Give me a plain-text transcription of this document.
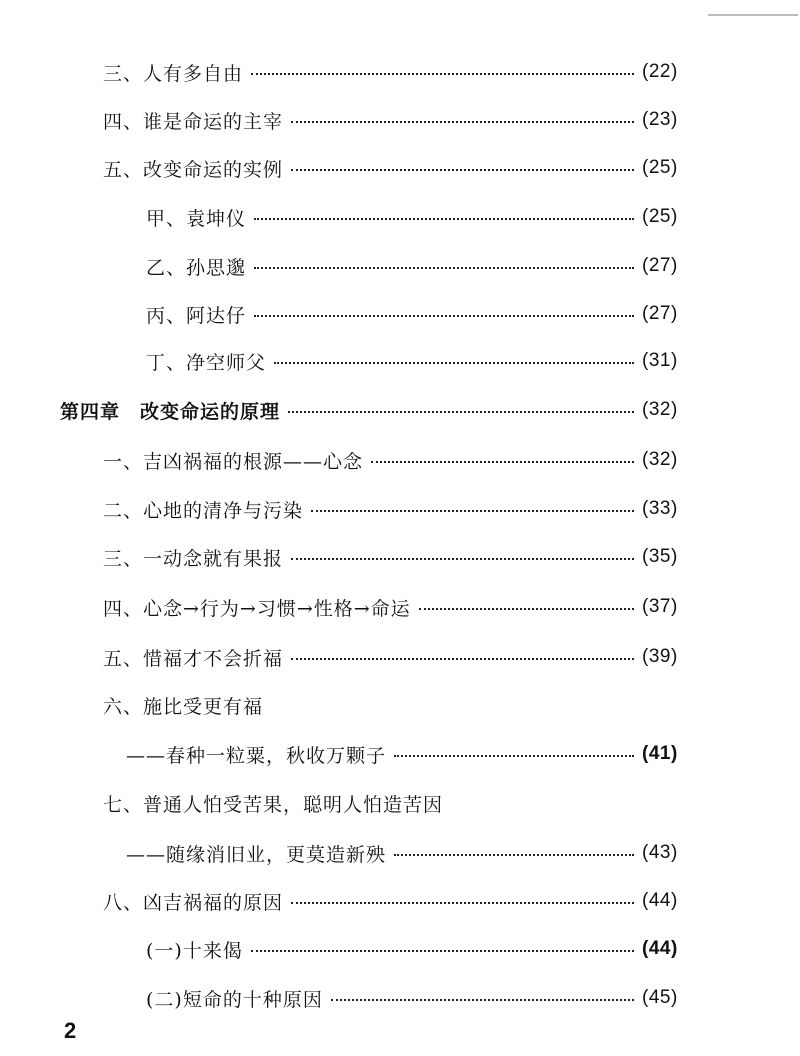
三、人有多自由	(22)
四、谁是命运的主宰	(23)
五、改变命运的实例	(25)
甲、袁坤仪	(25)
乙、孙思邈	(27)
丙、阿达仔	(27)
丁、净空师父	(31)
第四章　改变命运的原理	(32)
一、吉凶祸福的根源——心念	(32)
二、心地的清净与污染	(33)
三、一动念就有果报	(35)
四、心念→行为→习惯→性格→命运	(37)
五、惜福才不会折福	(39)
六、施比受更有福
——春种一粒粟，秋收万颗子	(41)
七、普通人怕受苦果，聪明人怕造苦因
——随缘消旧业，更莫造新殃	(43)
八、凶吉祸福的原因	(44)
(一)十来偈	(44)
(二)短命的十种原因	(45)
2
